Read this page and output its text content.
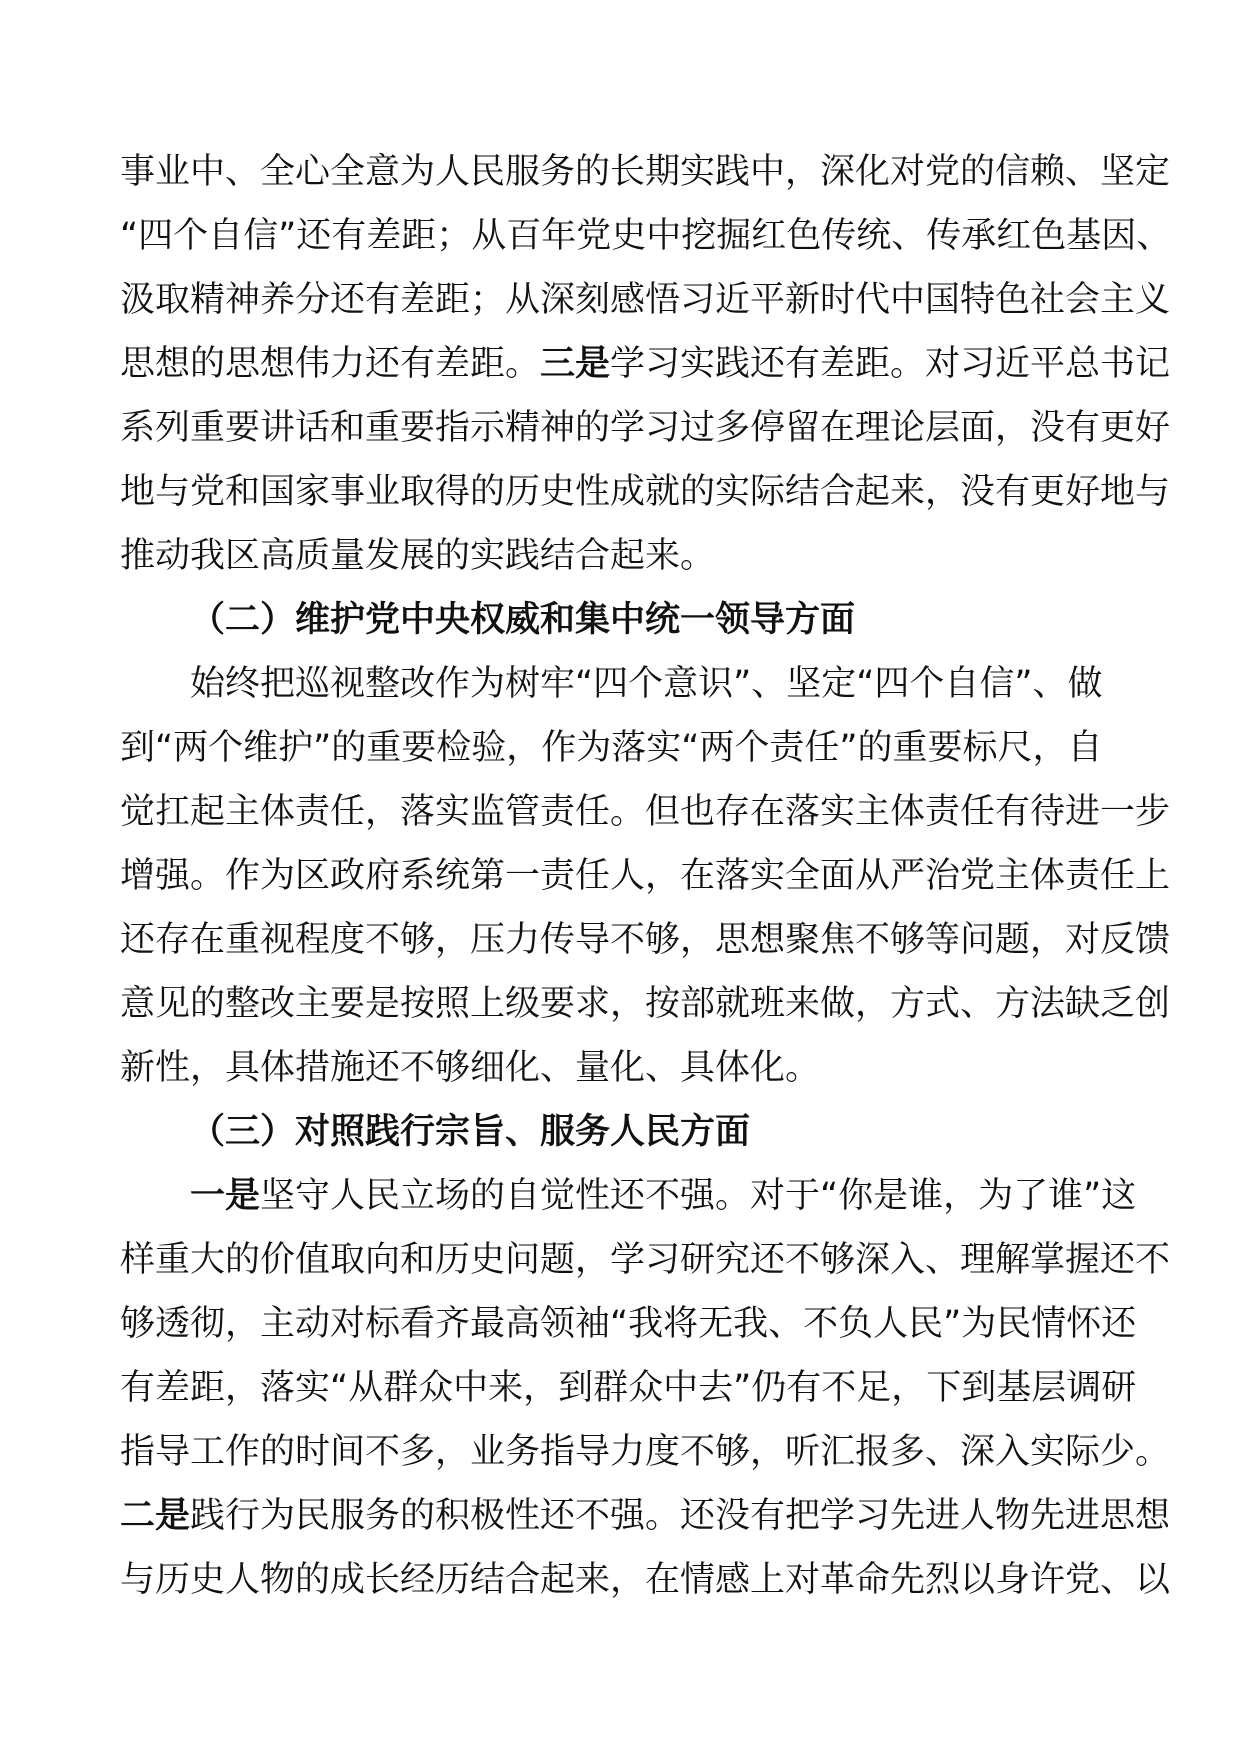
事业中、全心全意为人民服务的长期实践中，深化对党的信赖、坚定
“四个自信”还有差距；从百年党史中挖掘红色传统、传承红色基因、
汲取精神养分还有差距；从深刻感悟习近平新时代中国特色社会主义
思想的思想伟力还有差距。三是学习实践还有差距。对习近平总书记
系列重要讲话和重要指示精神的学习过多停留在理论层面，没有更好
地与党和国家事业取得的历史性成就的实际结合起来，没有更好地与
推动我区高质量发展的实践结合起来。
（二）维护党中央权威和集中统一领导方面
始终把巡视整改作为树牢“四个意识”、坚定“四个自信”、做
到“两个维护”的重要检验，作为落实“两个责任”的重要标尺，自
觉扛起主体责任，落实监管责任。但也存在落实主体责任有待进一步
增强。作为区政府系统第一责任人，在落实全面从严治党主体责任上
还存在重视程度不够，压力传导不够，思想聚焦不够等问题，对反馈
意见的整改主要是按照上级要求，按部就班来做，方式、方法缺乏创
新性，具体措施还不够细化、量化、具体化。
（三）对照践行宗旨、服务人民方面
一是坚守人民立场的自觉性还不强。对于“你是谁，为了谁”这
样重大的价值取向和历史问题，学习研究还不够深入、理解掌握还不
够透彻，主动对标看齐最高领袖“我将无我、不负人民”为民情怀还
有差距，落实“从群众中来，到群众中去”仍有不足，下到基层调研
指导工作的时间不多，业务指导力度不够，听汇报多、深入实际少。
二是践行为民服务的积极性还不强。还没有把学习先进人物先进思想
与历史人物的成长经历结合起来，在情感上对革命先烈以身许党、以
